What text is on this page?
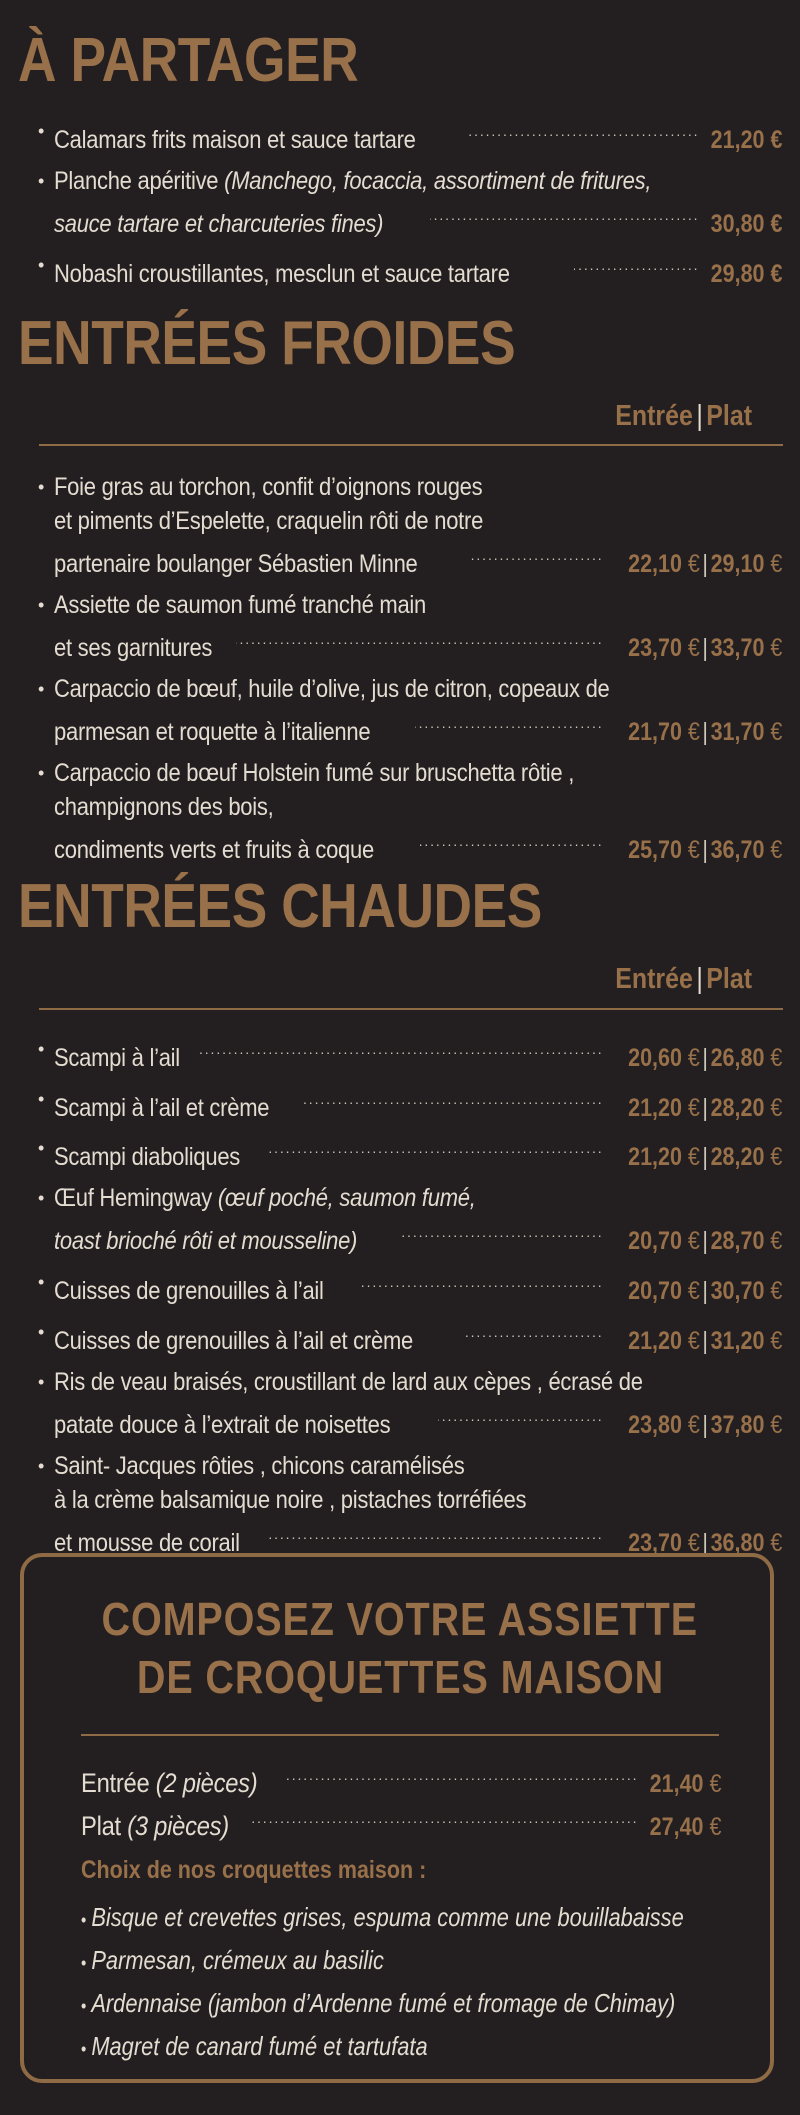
À PARTAGER
• Calamars frits maison et sauce tartare . . .	21,20 €
• Planche apéritive (Manchego, focaccia, assortiment de fritures,
sauce tartare et charcuteries fines) . . .	30,80 €
• Nobashi croustillantes, mesclun et sauce tartare . . .	29,80 €
ENTRÉES FROIDES
Entrée | Plat
• Foie gras au torchon, confit d’oignons rouges
et piments d’Espelette, craquelin rôti de notre
partenaire boulanger Sébastien Minne . . .	22,10 € | 29,10 €
• Assiette de saumon fumé tranché main
et ses garnitures . . .	23,70 € | 33,70 €
• Carpaccio de bœuf, huile d’olive, jus de citron, copeaux de
parmesan et roquette à l’italienne . . .	21,70 € | 31,70 €
• Carpaccio de bœuf Holstein fumé sur bruschetta rôtie ,
champignons des bois,
condiments verts et fruits à coque . . .	25,70 € | 36,70 €
ENTRÉES CHAUDES
Entrée | Plat
• Scampi à l’ail . . .	20,60 € | 26,80 €
• Scampi à l’ail et crème . . .	21,20 € | 28,20 €
• Scampi diaboliques . . .	21,20 € | 28,20 €
• Œuf Hemingway (œuf poché, saumon fumé,
toast brioché rôti et mousseline) . . .	20,70 € | 28,70 €
• Cuisses de grenouilles à l’ail . . .	20,70 € | 30,70 €
• Cuisses de grenouilles à l’ail et crème . . .	21,20 € | 31,20 €
• Ris de veau braisés, croustillant de lard aux cèpes , écrasé de
patate douce à l’extrait de noisettes . . .	23,80 € | 37,80 €
• Saint- Jacques rôties , chicons caramélisés
à la crème balsamique noire , pistaches torréfiées
et mousse de corail . . .	23,70 € | 36,80 €
COMPOSEZ VOTRE ASSIETTE
DE CROQUETTES MAISON
Entrée (2 pièces) . . .	21,40 €
Plat (3 pièces) . . .	27,40 €
Choix de nos croquettes maison :
• Bisque et crevettes grises, espuma comme une bouillabaisse
• Parmesan, crémeux au basilic
• Ardennaise (jambon d’Ardenne fumé et fromage de Chimay)
• Magret de canard fumé et tartufata
